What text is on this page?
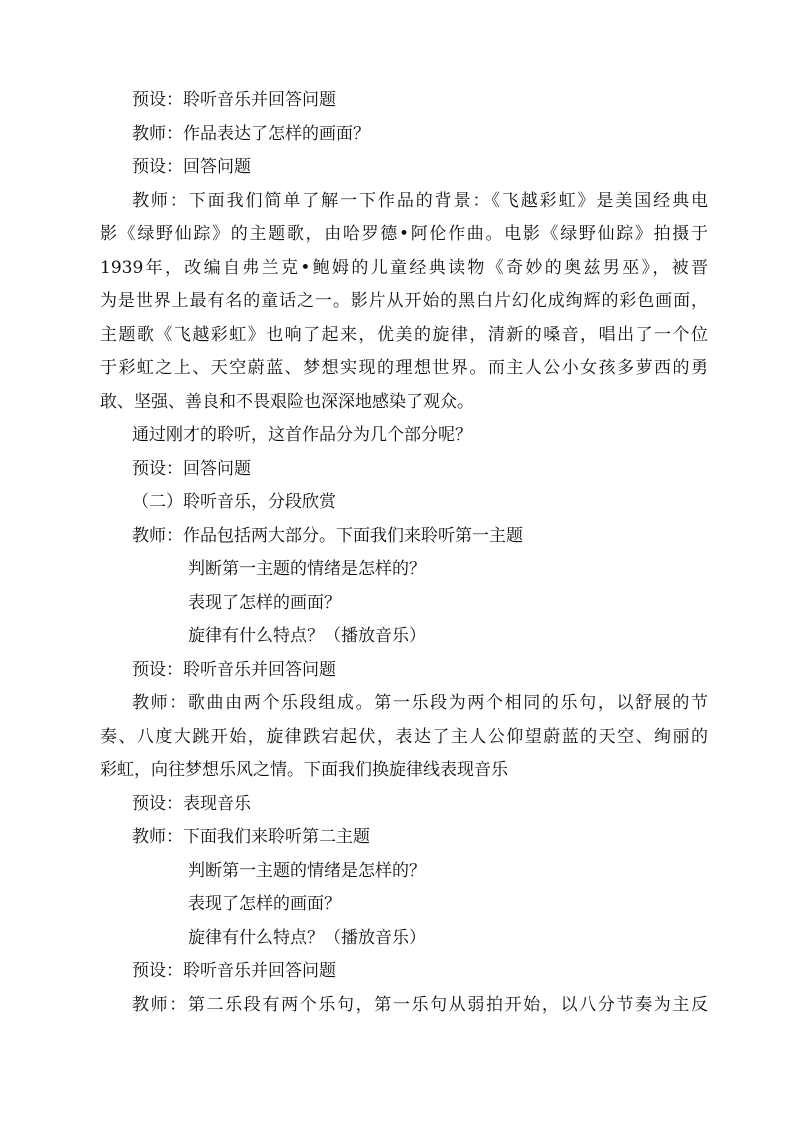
预设：聆听音乐并回答问题
教师：作品表达了怎样的画面？
预设：回答问题
教师：下面我们简单了解一下作品的背景：《飞越彩虹》是美国经典电
影《绿野仙踪》的主题歌，由哈罗德•阿伦作曲。电影《绿野仙踪》拍摄于
1939年，改编自弗兰克•鲍姆的儿童经典读物《奇妙的奥兹男巫》，被晋
为是世界上最有名的童话之一。影片从开始的黑白片幻化成绚辉的彩色画面，
主题歌《飞越彩虹》也响了起来，优美的旋律，清新的嗓音，唱出了一个位
于彩虹之上、天空蔚蓝、梦想实现的理想世界。而主人公小女孩多萝西的勇
敢、坚强、善良和不畏艰险也深深地感染了观众。
通过刚才的聆听，这首作品分为几个部分呢？
预设：回答问题
（二）聆听音乐，分段欣赏
教师：作品包括两大部分。下面我们来聆听第一主题
判断第一主题的情绪是怎样的？
表现了怎样的画面？
旋律有什么特点？（播放音乐）
预设：聆听音乐并回答问题
教师：歌曲由两个乐段组成。第一乐段为两个相同的乐句，以舒展的节
奏、八度大跳开始，旋律跌宕起伏，表达了主人公仰望蔚蓝的天空、绚丽的
彩虹，向往梦想乐风之情。下面我们换旋律线表现音乐
预设：表现音乐
教师：下面我们来聆听第二主题
判断第一主题的情绪是怎样的？
表现了怎样的画面？
旋律有什么特点？（播放音乐）
预设：聆听音乐并回答问题
教师：第二乐段有两个乐句，第一乐句从弱拍开始，以八分节奏为主反
